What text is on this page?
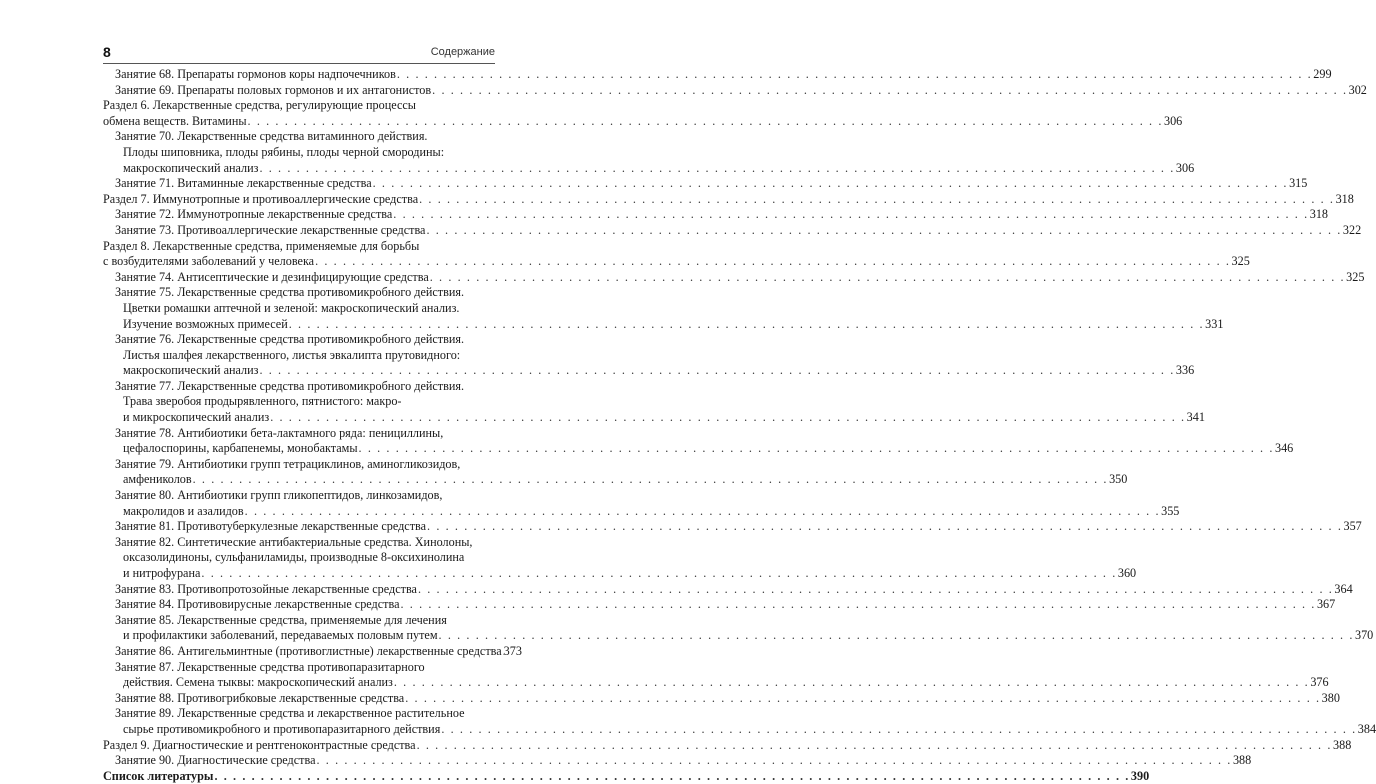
8	Содержание
Занятие 68. Препараты гормонов коры надпочечников . . .	299
Занятие 69. Препараты половых гормонов и их антагонистов . . .	302
Раздел 6. Лекарственные средства, регулирующие процессы
обмена веществ. Витамины . . .	306
Занятие 70. Лекарственные средства витаминного действия.
Плоды шиповника, плоды рябины, плоды черной смородины:
макроскопический анализ . . .	306
Занятие 71. Витаминные лекарственные средства . . .	315
Раздел 7. Иммунотропные и противоаллергические средства . . .	318
Занятие 72. Иммунотропные лекарственные средства . . .	318
Занятие 73. Противоаллергические лекарственные средства . . .	322
Раздел 8. Лекарственные средства, применяемые для борьбы
с возбудителями заболеваний у человека . . .	325
Занятие 74. Антисептические и дезинфицирующие средства . . .	325
Занятие 75. Лекарственные средства противомикробного действия.
Цветки ромашки аптечной и зеленой: макроскопический анализ.
Изучение возможных примесей . . .	331
Занятие 76. Лекарственные средства противомикробного действия.
Листья шалфея лекарственного, листья эвкалипта прутовидного:
макроскопический анализ . . .	336
Занятие 77. Лекарственные средства противомикробного действия.
Трава зверобоя продырявленного, пятнистого: макро-
и микроскопический анализ . . .	341
Занятие 78. Антибиотики бета-лактамного ряда: пенициллины,
цефалоспорины, карбапенемы, монобактамы . . .	346
Занятие 79. Антибиотики групп тетрациклинов, аминогликозидов,
амфениколов . . .	350
Занятие 80. Антибиотики групп гликопептидов, линкозамидов,
макролидов и азалидов . . .	355
Занятие 81. Противотуберкулезные лекарственные средства . . .	357
Занятие 82. Синтетические антибактериальные средства. Хинолоны,
оксазолидиноны, сульфаниламиды, производные 8-оксихинолина
и нитрофурана . . .	360
Занятие 83. Противопротозойные лекарственные средства . . .	364
Занятие 84. Противовирусные лекарственные средства . . .	367
Занятие 85. Лекарственные средства, применяемые для лечения
и профилактики заболеваний, передаваемых половым путем . . .	370
Занятие 86. Антигельминтные (противоглистные) лекарственные средства . . . 373
Занятие 87. Лекарственные средства противопаразитарного
действия. Семена тыквы: макроскопический анализ . . .	376
Занятие 88. Противогрибковые лекарственные средства . . .	380
Занятие 89. Лекарственные средства и лекарственное растительное
сырье противомикробного и противопаразитарного действия . . .	384
Раздел 9. Диагностические и рентгеноконтрастные средства . . .	388
Занятие 90. Диагностические средства . . .	388
Список литературы . . .	390
